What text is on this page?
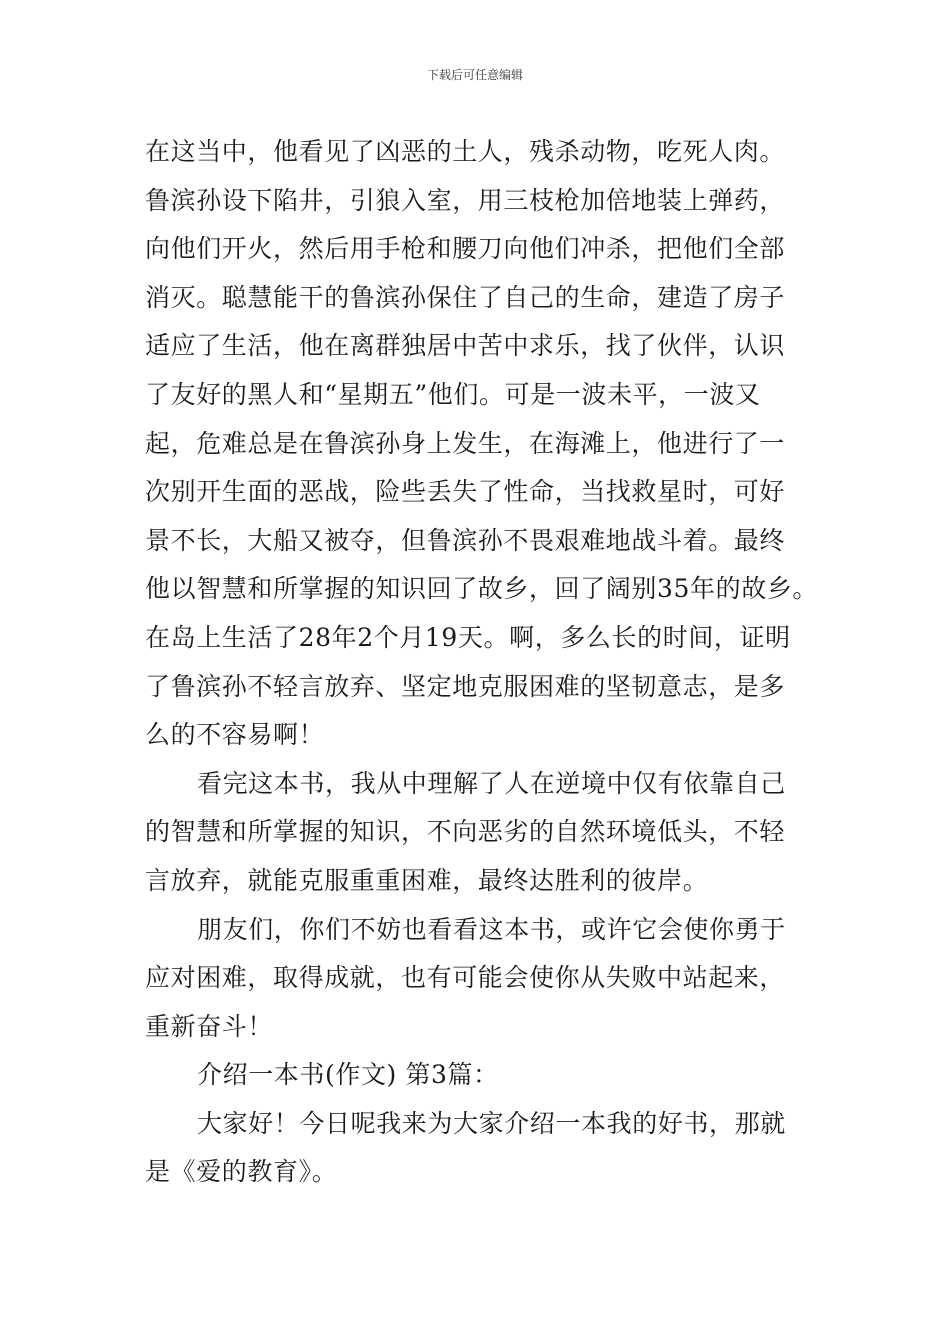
下载后可任意编辑

在这当中，他看见了凶恶的土人，残杀动物，吃死人肉。
鲁滨孙设下陷井，引狼入室，用三枝枪加倍地装上弹药，
向他们开火，然后用手枪和腰刀向他们冲杀，把他们全部
消灭。聪慧能干的鲁滨孙保住了自己的生命，建造了房子
适应了生活，他在离群独居中苦中求乐，找了伙伴，认识
了友好的黑人和“星期五”他们。可是一波未平，一波又
起，危难总是在鲁滨孙身上发生，在海滩上，他进行了一
次别开生面的恶战，险些丢失了性命，当找救星时，可好
景不长，大船又被夺，但鲁滨孙不畏艰难地战斗着。最终
他以智慧和所掌握的知识回了故乡，回了阔别35年的故乡。
在岛上生活了28年2个月19天。啊，多么长的时间，证明
了鲁滨孙不轻言放弃、坚定地克服困难的坚韧意志，是多
么的不容易啊！

看完这本书，我从中理解了人在逆境中仅有依靠自己
的智慧和所掌握的知识，不向恶劣的自然环境低头，不轻
言放弃，就能克服重重困难，最终达胜利的彼岸。

朋友们，你们不妨也看看这本书，或许它会使你勇于
应对困难，取得成就，也有可能会使你从失败中站起来，
重新奋斗！

介绍一本书(作文) 第3篇：

大家好！今日呢我来为大家介绍一本我的好书，那就
是《爱的教育》。
